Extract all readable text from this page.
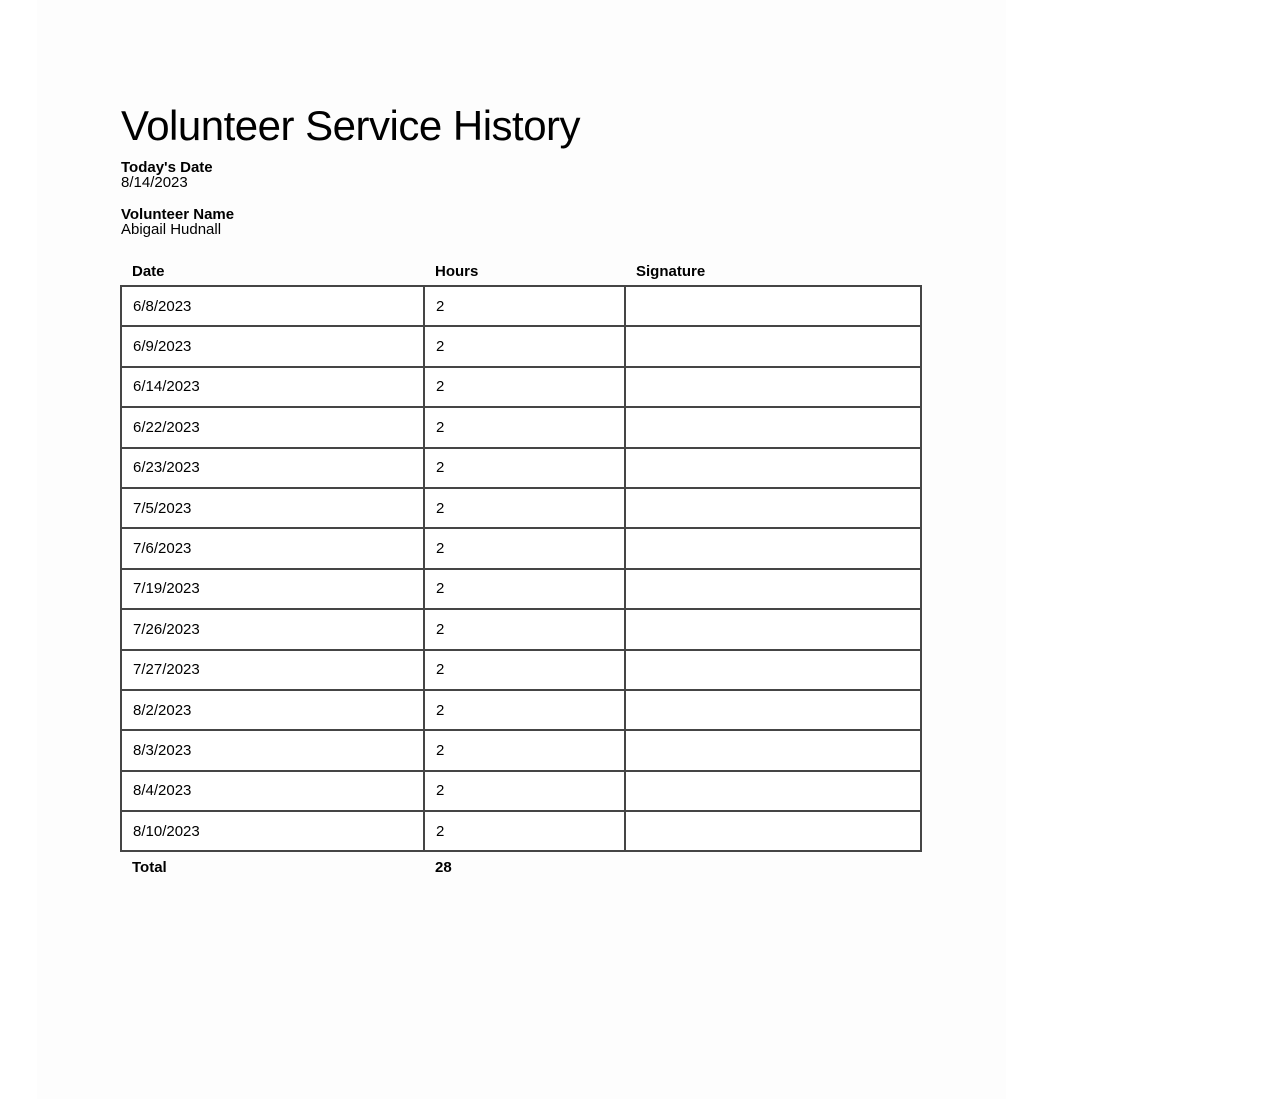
Volunteer Service History
Today's Date
8/14/2023
Volunteer Name
Abigail Hudnall
Date	Hours	Signature
6/8/2023	2	
6/9/2023	2	
6/14/2023	2	
6/22/2023	2	
6/23/2023	2	
7/5/2023	2	
7/6/2023	2	
7/19/2023	2	
7/26/2023	2	
7/27/2023	2	
8/2/2023	2	
8/3/2023	2	
8/4/2023	2	
8/10/2023	2	
Total	28	
